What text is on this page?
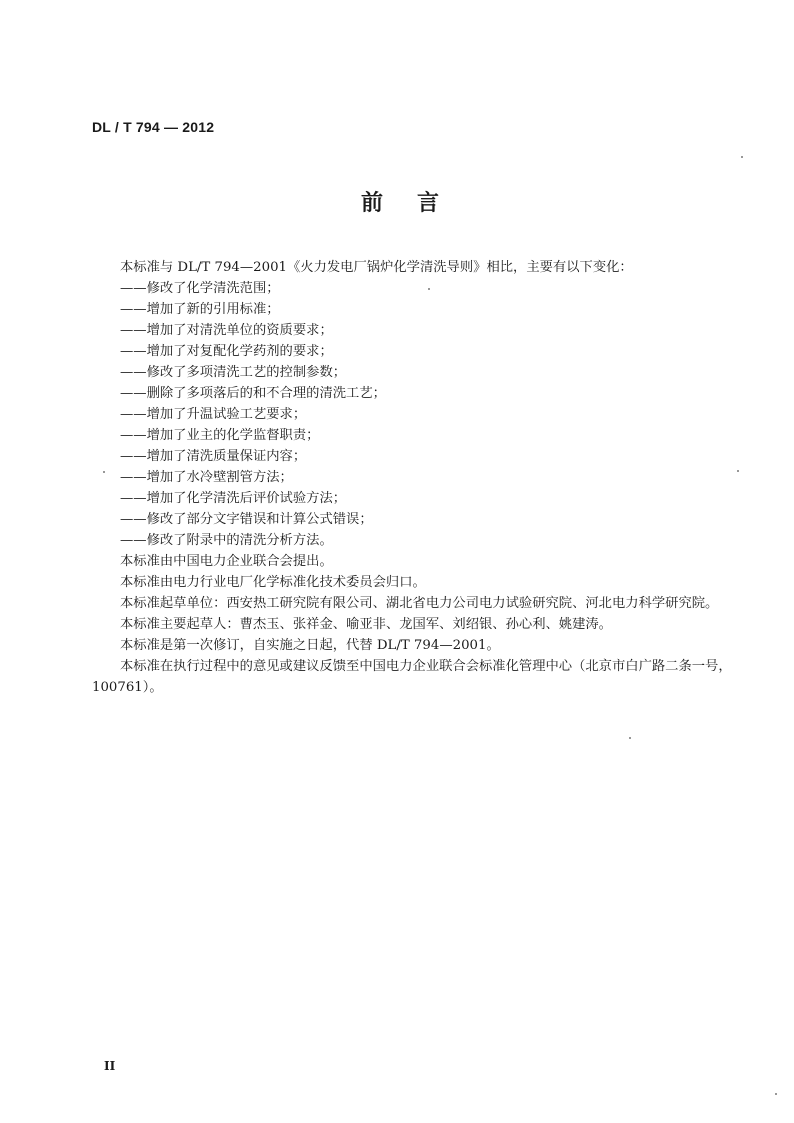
DL / T 794 — 2012
前言

本标准与 DL/T 794—2001《火力发电厂锅炉化学清洗导则》相比，主要有以下变化：

——修改了化学清洗范围；

——增加了新的引用标准；

——增加了对清洗单位的资质要求；

——增加了对复配化学药剂的要求；

——修改了多项清洗工艺的控制参数；

——删除了多项落后的和不合理的清洗工艺；

——增加了升温试验工艺要求；

——增加了业主的化学监督职责；

——增加了清洗质量保证内容；

——增加了水冷壁割管方法；

——增加了化学清洗后评价试验方法；

——修改了部分文字错误和计算公式错误；

——修改了附录中的清洗分析方法。

本标准由中国电力企业联合会提出。

本标准由电力行业电厂化学标准化技术委员会归口。

本标准起草单位：西安热工研究院有限公司、湖北省电力公司电力试验研究院、河北电力科学研究院。

本标准主要起草人：曹杰玉、张祥金、喻亚非、龙国军、刘绍银、孙心利、姚建涛。

本标准是第一次修订，自实施之日起，代替 DL/T 794—2001。

本标准在执行过程中的意见或建议反馈至中国电力企业联合会标准化管理中心（北京市白广路二条一号，100761）。

II
